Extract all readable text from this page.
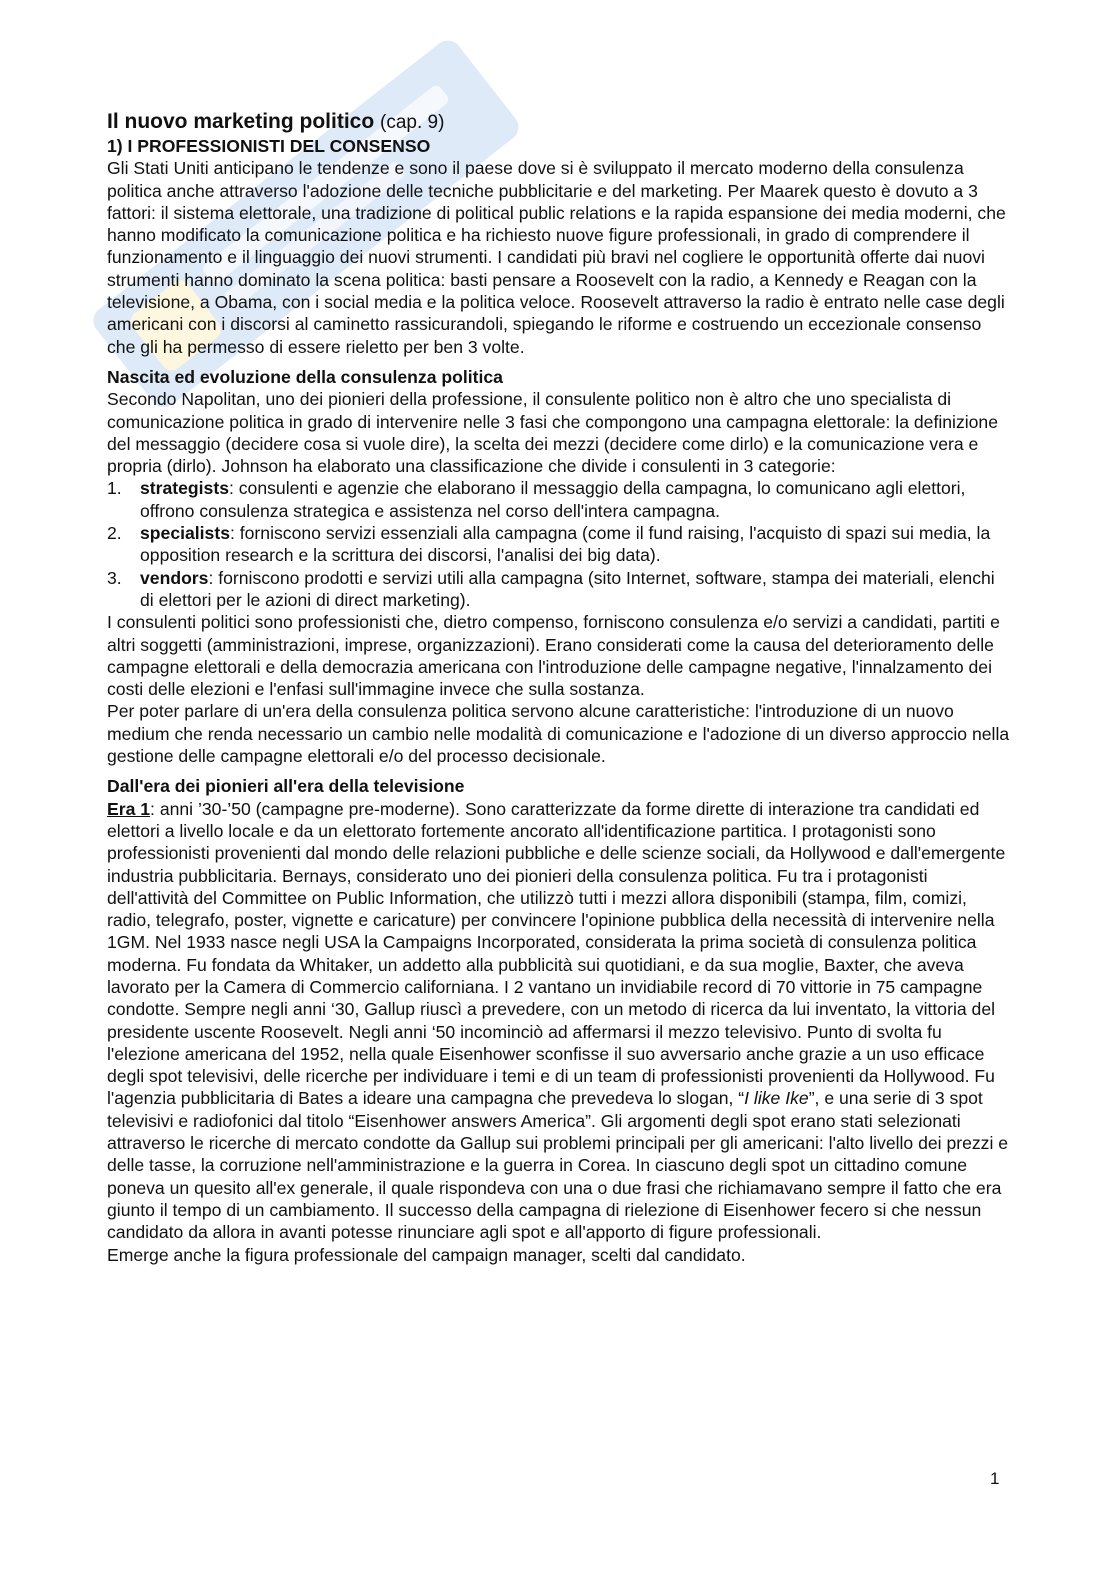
Il nuovo marketing politico (cap. 9)
1) I PROFESSIONISTI DEL CONSENSO

Gli Stati Uniti anticipano le tendenze e sono il paese dove si è sviluppato il mercato moderno della consulenza politica anche attraverso l'adozione delle tecniche pubblicitarie e del marketing. Per Maarek questo è dovuto a 3 fattori: il sistema elettorale, una tradizione di political public relations e la rapida espansione dei media moderni, che hanno modificato la comunicazione politica e ha richiesto nuove figure professionali, in grado di comprendere il funzionamento e il linguaggio dei nuovi strumenti. I candidati più bravi nel cogliere le opportunità offerte dai nuovi strumenti hanno dominato la scena politica: basti pensare a Roosevelt con la radio, a Kennedy e Reagan con la televisione, a Obama, con i social media e la politica veloce. Roosevelt attraverso la radio è entrato nelle case degli americani con i discorsi al caminetto rassicurandoli, spiegando le riforme e costruendo un eccezionale consenso che gli ha permesso di essere rieletto per ben 3 volte.

Nascita ed evoluzione della consulenza politica

Secondo Napolitan, uno dei pionieri della professione, il consulente politico non è altro che uno specialista di comunicazione politica in grado di intervenire nelle 3 fasi che compongono una campagna elettorale: la definizione del messaggio (decidere cosa si vuole dire), la scelta dei mezzi (decidere come dirlo) e la comunicazione vera e propria (dirlo). Johnson ha elaborato una classificazione che divide i consulenti in 3 categorie:

1. strategists: consulenti e agenzie che elaborano il messaggio della campagna, lo comunicano agli elettori, offrono consulenza strategica e assistenza nel corso dell'intera campagna.
2. specialists: forniscono servizi essenziali alla campagna (come il fund raising, l'acquisto di spazi sui media, la opposition research e la scrittura dei discorsi, l'analisi dei big data).
3. vendors: forniscono prodotti e servizi utili alla campagna (sito Internet, software, stampa dei materiali, elenchi di elettori per le azioni di direct marketing).

I consulenti politici sono professionisti che, dietro compenso, forniscono consulenza e/o servizi a candidati, partiti e altri soggetti (amministrazioni, imprese, organizzazioni). Erano considerati come la causa del deterioramento delle campagne elettorali e della democrazia americana con l'introduzione delle campagne negative, l'innalzamento dei costi delle elezioni e l'enfasi sull'immagine invece che sulla sostanza.

Per poter parlare di un'era della consulenza politica servono alcune caratteristiche: l'introduzione di un nuovo medium che renda necessario un cambio nelle modalità di comunicazione e l'adozione di un diverso approccio nella gestione delle campagne elettorali e/o del processo decisionale.

Dall'era dei pionieri all'era della televisione

Era 1: anni ’30-’50 (campagne pre-moderne). Sono caratterizzate da forme dirette di interazione tra candidati ed elettori a livello locale e da un elettorato fortemente ancorato all'identificazione partitica. I protagonisti sono professionisti provenienti dal mondo delle relazioni pubbliche e delle scienze sociali, da Hollywood e dall'emergente industria pubblicitaria. Bernays, considerato uno dei pionieri della consulenza politica. Fu tra i protagonisti dell'attività del Committee on Public Information, che utilizzò tutti i mezzi allora disponibili (stampa, film, comizi, radio, telegrafo, poster, vignette e caricature) per convincere l'opinione pubblica della necessità di intervenire nella 1GM. Nel 1933 nasce negli USA la Campaigns Incorporated, considerata la prima società di consulenza politica moderna. Fu fondata da Whitaker, un addetto alla pubblicità sui quotidiani, e da sua moglie, Baxter, che aveva lavorato per la Camera di Commercio californiana. I 2 vantano un invidiabile record di 70 vittorie in 75 campagne condotte. Sempre negli anni ‘30, Gallup riuscì a prevedere, con un metodo di ricerca da lui inventato, la vittoria del presidente uscente Roosevelt. Negli anni ‘50 incominciò ad affermarsi il mezzo televisivo. Punto di svolta fu l'elezione americana del 1952, nella quale Eisenhower sconfisse il suo avversario anche grazie a un uso efficace degli spot televisivi, delle ricerche per individuare i temi e di un team di professionisti provenienti da Hollywood. Fu l'agenzia pubblicitaria di Bates a ideare una campagna che prevedeva lo slogan, “I like Ike”, e una serie di 3 spot televisivi e radiofonici dal titolo “Eisenhower answers America”. Gli argomenti degli spot erano stati selezionati attraverso le ricerche di mercato condotte da Gallup sui problemi principali per gli americani: l'alto livello dei prezzi e delle tasse, la corruzione nell'amministrazione e la guerra in Corea. In ciascuno degli spot un cittadino comune poneva un quesito all'ex generale, il quale rispondeva con una o due frasi che richiamavano sempre il fatto che era giunto il tempo di un cambiamento. Il successo della campagna di rielezione di Eisenhower fecero si che nessun candidato da allora in avanti potesse rinunciare agli spot e all'apporto di figure professionali.

Emerge anche la figura professionale del campaign manager, scelti dal candidato.

1
